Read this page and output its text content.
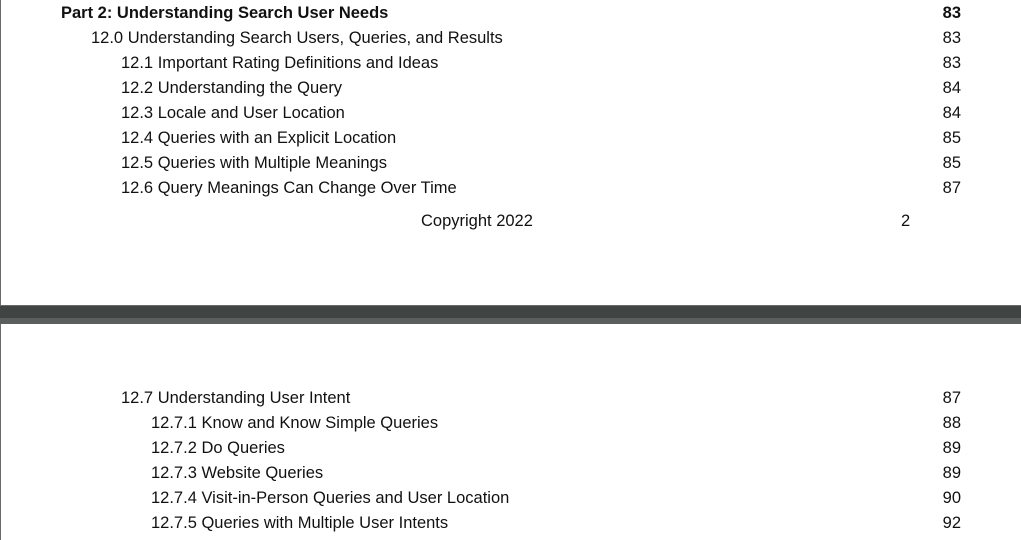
Part 2: Understanding Search User Needs	83
12.0 Understanding Search Users, Queries, and Results	83
12.1 Important Rating Definitions and Ideas	83
12.2 Understanding the Query	84
12.3 Locale and User Location	84
12.4 Queries with an Explicit Location	85
12.5 Queries with Multiple Meanings	85
12.6 Query Meanings Can Change Over Time	87
Copyright 2022	2
12.7 Understanding User Intent	87
12.7.1 Know and Know Simple Queries	88
12.7.2 Do Queries	89
12.7.3 Website Queries	89
12.7.4 Visit-in-Person Queries and User Location	90
12.7.5 Queries with Multiple User Intents	92
